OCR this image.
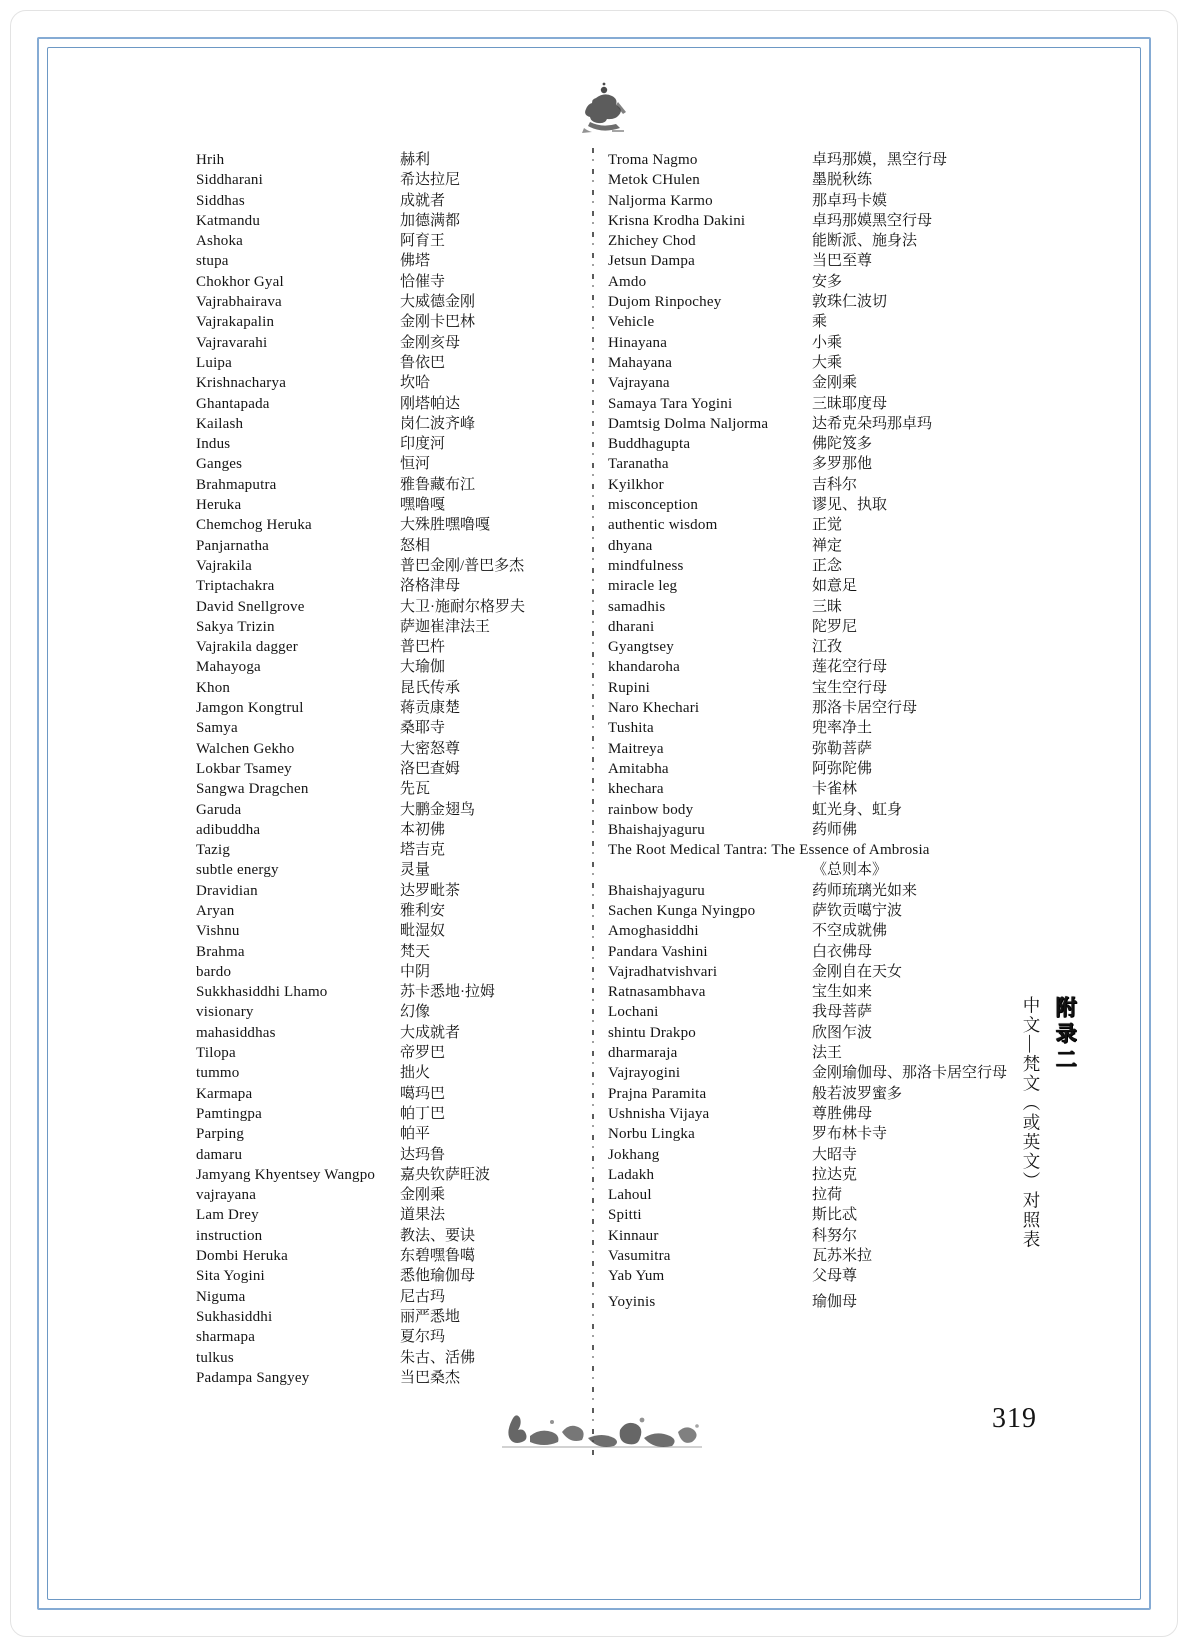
Hrih	赫利
Siddharani	希达拉尼
Siddhas	成就者
Katmandu	加德满都
Ashoka	阿育王
stupa	佛塔
Chokhor Gyal	恰催寺
Vajrabhairava	大威德金刚
Vajrakapalin	金刚卡巴林
Vajravarahi	金刚亥母
Luipa	鲁依巴
Krishnacharya	坎哈
Ghantapada	刚塔帕达
Kailash	岗仁波齐峰
Indus	印度河
Ganges	恒河
Brahmaputra	雅鲁藏布江
Heruka	嘿噜嘎
Chemchog Heruka	大殊胜嘿噜嘎
Panjarnatha	怒相
Vajrakila	普巴金刚/普巴多杰
Triptachakra	洛格津母
David Snellgrove	大卫·施耐尔格罗夫
Sakya Trizin	萨迦崔津法王
Vajrakila dagger	普巴杵
Mahayoga	大瑜伽
Khon	昆氏传承
Jamgon Kongtrul	蒋贡康楚
Samya	桑耶寺
Walchen Gekho	大密怒尊
Lokbar Tsamey	洛巴查姆
Sangwa Dragchen	先瓦
Garuda	大鹏金翅鸟
adibuddha	本初佛
Tazig	塔吉克
subtle energy	灵量
Dravidian	达罗毗茶
Aryan	雅利安
Vishnu	毗湿奴
Brahma	梵天
bardo	中阴
Sukkhasiddhi Lhamo	苏卡悉地·拉姆
visionary	幻像
mahasiddhas	大成就者
Tilopa	帝罗巴
tummo	拙火
Karmapa	噶玛巴
Pamtingpa	帕丁巴
Parping	帕平
damaru	达玛鲁
Jamyang Khyentsey Wangpo	嘉央钦萨旺波
vajrayana	金刚乘
Lam Drey	道果法
instruction	教法、要诀
Dombi Heruka	东碧嘿鲁噶
Sita Yogini	悉他瑜伽母
Niguma	尼古玛
Sukhasiddhi	丽严悉地
sharmapa	夏尔玛
tulkus	朱古、活佛
Padampa Sangyey	当巴桑杰
Troma Nagmo	卓玛那嫫，黑空行母
Metok CHulen	墨脱秋练
Naljorma Karmo	那卓玛卡嫫
Krisna Krodha Dakini	卓玛那嫫黑空行母
Zhichey Chod	能断派、施身法
Jetsun Dampa	当巴至尊
Amdo	安多
Dujom Rinpochey	敦珠仁波切
Vehicle	乘
Hinayana	小乘
Mahayana	大乘
Vajrayana	金刚乘
Samaya Tara Yogini	三昧耶度母
Damtsig Dolma Naljorma	达希克朵玛那卓玛
Buddhagupta	佛陀笈多
Taranatha	多罗那他
Kyilkhor	吉科尔
misconception	谬见、执取
authentic wisdom	正觉
dhyana	禅定
mindfulness	正念
miracle leg	如意足
samadhis	三昧
dharani	陀罗尼
Gyangtsey	江孜
khandaroha	莲花空行母
Rupini	宝生空行母
Naro Khechari	那洛卡居空行母
Tushita	兜率净土
Maitreya	弥勒菩萨
Amitabha	阿弥陀佛
khechara	卡雀林
rainbow body	虹光身、虹身
Bhaishajyaguru	药师佛
The Root Medical Tantra: The Essence of Ambrosia
《总则本》
Bhaishajyaguru	药师琉璃光如来
Sachen Kunga Nyingpo	萨钦贡噶宁波
Amoghasiddhi	不空成就佛
Pandara Vashini	白衣佛母
Vajradhatvishvari	金刚自在天女
Ratnasambhava	宝生如来
Lochani	我母菩萨
shintu Drakpo	欣图乍波
dharmaraja	法王
Vajrayogini	金刚瑜伽母、那洛卡居空行母
Prajna Paramita	般若波罗蜜多
Ushnisha Vijaya	尊胜佛母
Norbu Lingka	罗布林卡寺
Jokhang	大昭寺
Ladakh	拉达克
Lahoul	拉荷
Spitti	斯比忒
Kinnaur	科努尔
Vasumitra	瓦苏米拉
Yab Yum	父母尊
Yoyinis	瑜伽母
附录二
中文—梵文（或英文）对照表
319
